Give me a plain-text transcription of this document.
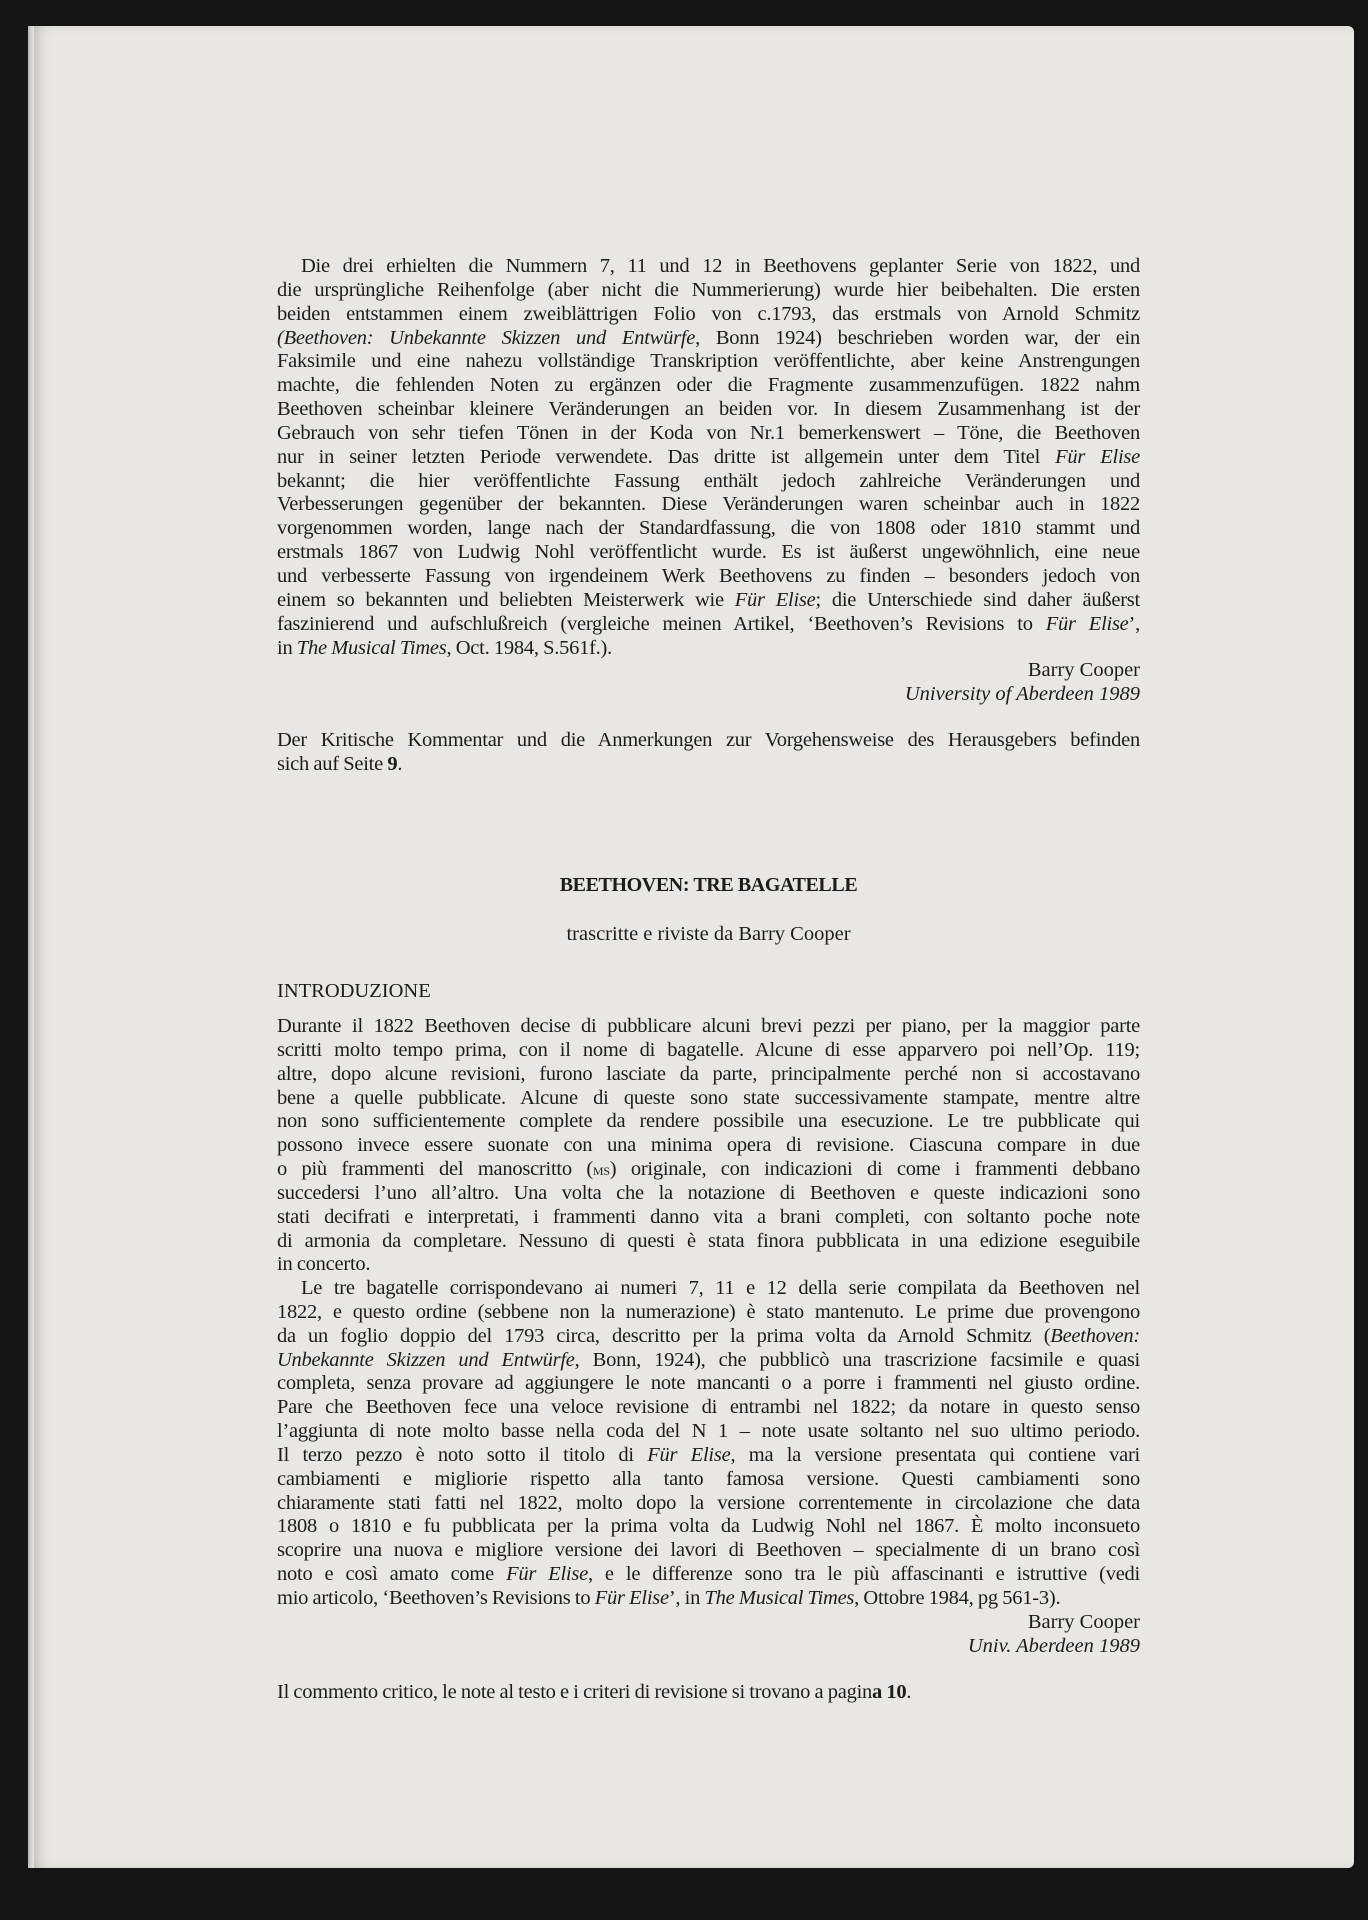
Die drei erhielten die Nummern 7, 11 und 12 in Beethovens geplanter Serie von 1822, und
die ursprüngliche Reihenfolge (aber nicht die Nummerierung) wurde hier beibehalten. Die ersten
beiden entstammen einem zweiblättrigen Folio von c.1793, das erstmals von Arnold Schmitz
(Beethoven: Unbekannte Skizzen und Entwürfe, Bonn 1924) beschrieben worden war, der ein
Faksimile und eine nahezu vollständige Transkription veröffentlichte, aber keine Anstrengungen
machte, die fehlenden Noten zu ergänzen oder die Fragmente zusammenzufügen. 1822 nahm
Beethoven scheinbar kleinere Veränderungen an beiden vor. In diesem Zusammenhang ist der
Gebrauch von sehr tiefen Tönen in der Koda von Nr.1 bemerkenswert – Töne, die Beethoven
nur in seiner letzten Periode verwendete. Das dritte ist allgemein unter dem Titel Für Elise
bekannt; die hier veröffentlichte Fassung enthält jedoch zahlreiche Veränderungen und
Verbesserungen gegenüber der bekannten. Diese Veränderungen waren scheinbar auch in 1822
vorgenommen worden, lange nach der Standardfassung, die von 1808 oder 1810 stammt und
erstmals 1867 von Ludwig Nohl veröffentlicht wurde. Es ist äußerst ungewöhnlich, eine neue
und verbesserte Fassung von irgendeinem Werk Beethovens zu finden – besonders jedoch von
einem so bekannten und beliebten Meisterwerk wie Für Elise; die Unterschiede sind daher äußerst
faszinierend und aufschlußreich (vergleiche meinen Artikel, ‘Beethoven’s Revisions to Für Elise’,
in The Musical Times, Oct. 1984, S.561f.).
Barry Cooper
University of Aberdeen 1989
Der Kritische Kommentar und die Anmerkungen zur Vorgehensweise des Herausgebers befinden
sich auf Seite 9.
BEETHOVEN: TRE BAGATELLE
trascritte e riviste da Barry Cooper
INTRODUZIONE
Durante il 1822 Beethoven decise di pubblicare alcuni brevi pezzi per piano, per la maggior parte
scritti molto tempo prima, con il nome di bagatelle. Alcune di esse apparvero poi nell’Op. 119;
altre, dopo alcune revisioni, furono lasciate da parte, principalmente perché non si accostavano
bene a quelle pubblicate. Alcune di queste sono state successivamente stampate, mentre altre
non sono sufficientemente complete da rendere possibile una esecuzione. Le tre pubblicate qui
possono invece essere suonate con una minima opera di revisione. Ciascuna compare in due
o più frammenti del manoscritto (ms) originale, con indicazioni di come i frammenti debbano
succedersi l’uno all’altro. Una volta che la notazione di Beethoven e queste indicazioni sono
stati decifrati e interpretati, i frammenti danno vita a brani completi, con soltanto poche note
di armonia da completare. Nessuno di questi è stata finora pubblicata in una edizione eseguibile
in concerto.
Le tre bagatelle corrispondevano ai numeri 7, 11 e 12 della serie compilata da Beethoven nel
1822, e questo ordine (sebbene non la numerazione) è stato mantenuto. Le prime due provengono
da un foglio doppio del 1793 circa, descritto per la prima volta da Arnold Schmitz (Beethoven:
Unbekannte Skizzen und Entwürfe, Bonn, 1924), che pubblicò una trascrizione facsimile e quasi
completa, senza provare ad aggiungere le note mancanti o a porre i frammenti nel giusto ordine.
Pare che Beethoven fece una veloce revisione di entrambi nel 1822; da notare in questo senso
l’aggiunta di note molto basse nella coda del N 1 – note usate soltanto nel suo ultimo periodo.
Il terzo pezzo è noto sotto il titolo di Für Elise, ma la versione presentata qui contiene vari
cambiamenti e migliorie rispetto alla tanto famosa versione. Questi cambiamenti sono
chiaramente stati fatti nel 1822, molto dopo la versione correntemente in circolazione che data
1808 o 1810 e fu pubblicata per la prima volta da Ludwig Nohl nel 1867. È molto inconsueto
scoprire una nuova e migliore versione dei lavori di Beethoven – specialmente di un brano così
noto e così amato come Für Elise, e le differenze sono tra le più affascinanti e istruttive (vedi
mio articolo, ‘Beethoven’s Revisions to Für Elise’, in The Musical Times, Ottobre 1984, pg 561-3).
Barry Cooper
Univ. Aberdeen 1989
Il commento critico, le note al testo e i criteri di revisione si trovano a pagina 10.
